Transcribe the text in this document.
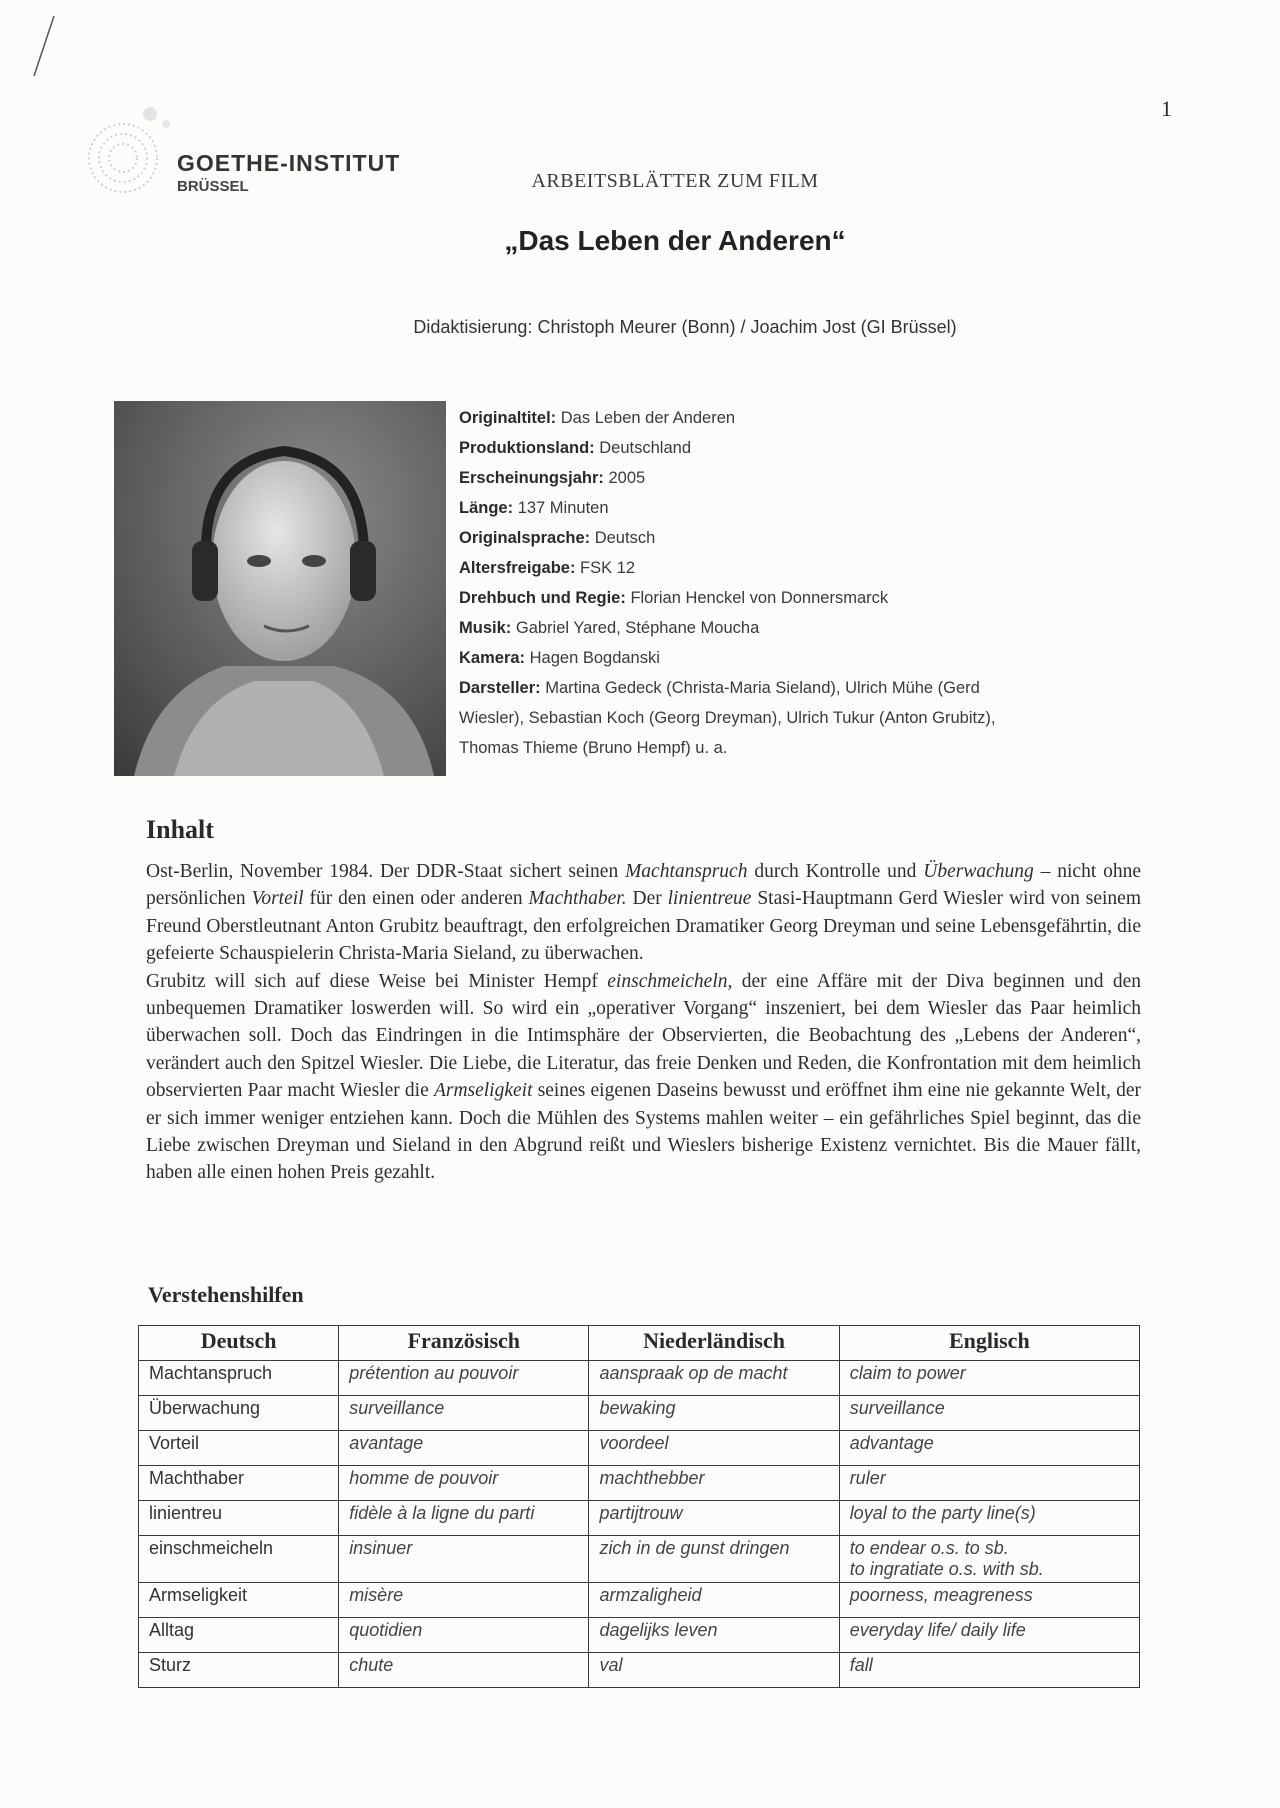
1
GOETHE-INSTITUT
BRÜSSEL	ARBEITSBLÄTTER ZUM FILM
„Das Leben der Anderen“
Didaktisierung: Christoph Meurer (Bonn) / Joachim Jost (GI Brüssel)
Originaltitel: Das Leben der Anderen
Produktionsland: Deutschland
Erscheinungsjahr: 2005
Länge: 137 Minuten
Originalsprache: Deutsch
Altersfreigabe: FSK 12
Drehbuch und Regie: Florian Henckel von Donnersmarck
Musik: Gabriel Yared, Stéphane Moucha
Kamera: Hagen Bogdanski
Darsteller: Martina Gedeck (Christa-Maria Sieland), Ulrich Mühe (Gerd
Wiesler), Sebastian Koch (Georg Dreyman), Ulrich Tukur (Anton Grubitz),
Thomas Thieme (Bruno Hempf) u. a.
Inhalt

Ost-Berlin, November 1984. Der DDR-Staat sichert seinen Machtanspruch durch Kontrolle und Überwachung – nicht ohne persönlichen Vorteil für den einen oder anderen Machthaber. Der linientreue Stasi-Hauptmann Gerd Wiesler wird von seinem Freund Oberstleutnant Anton Grubitz beauftragt, den erfolgreichen Dramatiker Georg Dreyman und seine Lebensgefährtin, die gefeierte Schauspielerin Christa-Maria Sieland, zu überwachen.

Grubitz will sich auf diese Weise bei Minister Hempf einschmeicheln, der eine Affäre mit der Diva beginnen und den unbequemen Dramatiker loswerden will. So wird ein „operativer Vorgang“ inszeniert, bei dem Wiesler das Paar heimlich überwachen soll. Doch das Eindringen in die Intimsphäre der Observierten, die Beobachtung des „Lebens der Anderen“, verändert auch den Spitzel Wiesler. Die Liebe, die Literatur, das freie Denken und Reden, die Konfrontation mit dem heimlich observierten Paar macht Wiesler die Armseligkeit seines eigenen Daseins bewusst und eröffnet ihm eine nie gekannte Welt, der er sich immer weniger entziehen kann. Doch die Mühlen des Systems mahlen weiter – ein gefährliches Spiel beginnt, das die Liebe zwischen Dreyman und Sieland in den Abgrund reißt und Wieslers bisherige Existenz vernichtet. Bis die Mauer fällt, haben alle einen hohen Preis gezahlt.

Verstehenshilfen
Deutsch	Französisch	Niederländisch	Englisch
Machtanspruch	prétention au pouvoir	aanspraak op de macht	claim to power
Überwachung	surveillance	bewaking	surveillance
Vorteil	avantage	voordeel	advantage
Machthaber	homme de pouvoir	machthebber	ruler
linientreu	fidèle à la ligne du parti	partijtrouw	loyal to the party line(s)
einschmeicheln	insinuer	zich in de gunst dringen	to endear o.s. to sb.
to ingratiate o.s. with sb.
Armseligkeit	misère	armzaligheid	poorness, meagreness
Alltag	quotidien	dagelijks leven	everyday life/ daily life
Sturz	chute	val	fall
